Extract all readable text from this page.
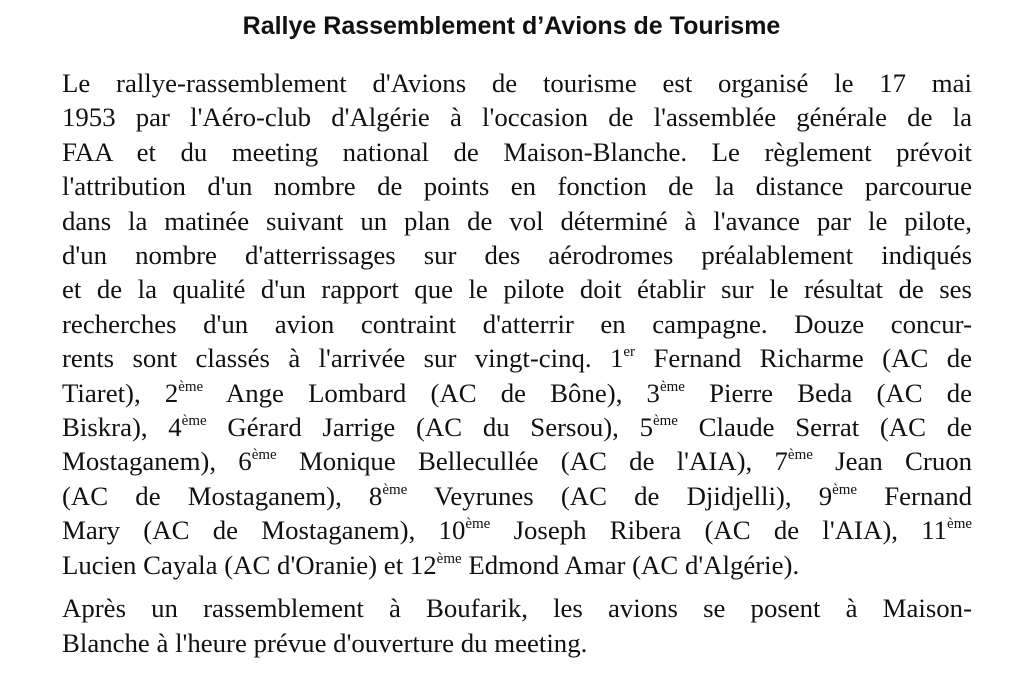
Rallye Rassemblement d’Avions de Tourisme

Le rallye-rassemblement d'Avions de tourisme est organisé le 17 mai
1953 par l'Aéro-club d'Algérie à l'occasion de l'assemblée générale de la
FAA et du meeting national de Maison-Blanche. Le règlement prévoit
l'attribution d'un nombre de points en fonction de la distance parcourue
dans la matinée suivant un plan de vol déterminé à l'avance par le pilote,
d'un nombre d'atterrissages sur des aérodromes préalablement indiqués
et de la qualité d'un rapport que le pilote doit établir sur le résultat de ses
recherches d'un avion contraint d'atterrir en campagne. Douze concur-
rents sont classés à l'arrivée sur vingt-cinq. 1er Fernand Richarme (AC de
Tiaret), 2ème Ange Lombard (AC de Bône), 3ème Pierre Beda (AC de
Biskra), 4ème Gérard Jarrige (AC du Sersou), 5ème Claude Serrat (AC de
Mostaganem), 6ème Monique Bellecullée (AC de l'AIA), 7ème Jean Cruon
(AC de Mostaganem), 8ème Veyrunes (AC de Djidjelli), 9ème Fernand
Mary (AC de Mostaganem), 10ème Joseph Ribera (AC de l'AIA), 11ème
Lucien Cayala (AC d'Oranie) et 12ème Edmond Amar (AC d'Algérie).

Après un rassemblement à Boufarik, les avions se posent à Maison-
Blanche à l'heure prévue d'ouverture du meeting.
